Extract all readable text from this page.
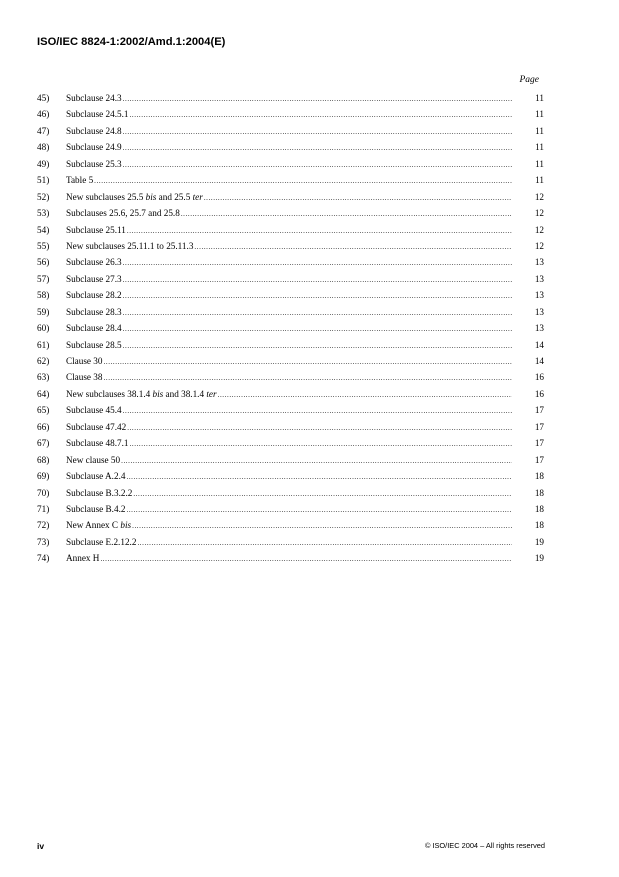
ISO/IEC 8824-1:2002/Amd.1:2004(E)
Page
45)	Subclause 24.3 .....	11
46)	Subclause 24.5.1 .....	11
47)	Subclause 24.8 .....	11
48)	Subclause 24.9 .....	11
49)	Subclause 25.3 .....	11
51)	Table 5 .....	11
52)	New subclauses 25.5 bis and 25.5 ter .....	12
53)	Subclauses 25.6, 25.7 and 25.8 .....	12
54)	Subclause 25.11 .....	12
55)	New subclauses 25.11.1 to 25.11.3 .....	12
56)	Subclause 26.3 .....	13
57)	Subclause 27.3 .....	13
58)	Subclause 28.2 .....	13
59)	Subclause 28.3 .....	13
60)	Subclause 28.4 .....	13
61)	Subclause 28.5 .....	14
62)	Clause 30 .....	14
63)	Clause 38 .....	16
64)	New subclauses 38.1.4 bis and 38.1.4 ter .....	16
65)	Subclause 45.4 .....	17
66)	Subclause 47.42 .....	17
67)	Subclause 48.7.1 .....	17
68)	New clause 50 .....	17
69)	Subclause A.2.4 .....	18
70)	Subclause B.3.2.2 .....	18
71)	Subclause B.4.2 .....	18
72)	New Annex C bis .....	18
73)	Subclause E.2.12.2 .....	19
74)	Annex H .....	19
iv	© ISO/IEC 2004 – All rights reserved
